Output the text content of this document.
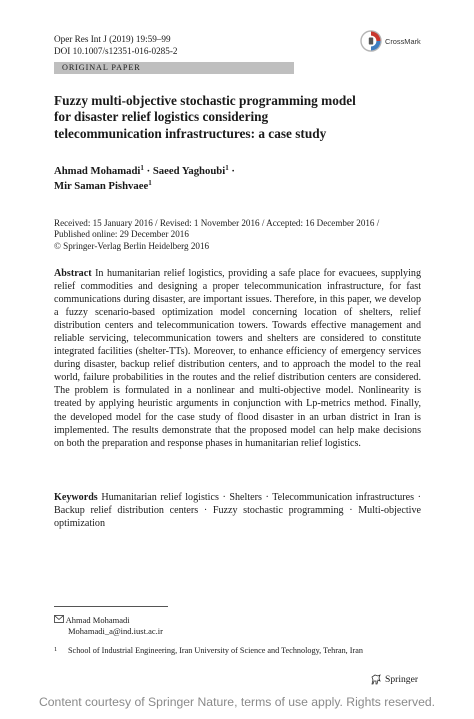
Oper Res Int J (2019) 19:59–99
DOI 10.1007/s12351-016-0285-2
CrossMark
ORIGINAL PAPER
Fuzzy multi-objective stochastic programming model
for disaster relief logistics considering
telecommunication infrastructures: a case study
Ahmad Mohamadi$^1$ · Saeed Yaghoubi$^1$ ·
Mir Saman Pishvaee$^1$
Received: 15 January 2016 / Revised: 1 November 2016 / Accepted: 16 December 2016 /
Published online: 29 December 2016
© Springer-Verlag Berlin Heidelberg 2016
Abstract In humanitarian relief logistics, providing a safe place for evacuees, supplying relief commodities and designing a proper telecommunication infrastructure, for fast communications during disaster, are important issues. Therefore, in this paper, we develop a fuzzy scenario-based optimization model concerning location of shelters, relief distribution centers and telecommunication towers. Towards effective management and reliable servicing, telecommunication towers and shelters are considered to constitute integrated facilities (shelter-TTs). Moreover, to enhance efficiency of emergency services during disaster, backup relief distribution centers, and to approach the model to the real world, failure probabilities in the routes and the relief distribution centers are considered. The problem is formulated in a nonlinear and multi-objective model. Nonlinearity is treated by applying heuristic arguments in conjunction with Lp-metrics method. Finally, the developed model for the case study of flood disaster in an urban district in Iran is implemented. The results demonstrate that the proposed model can help make decisions on both the preparation and response phases in humanitarian relief logistics.
Keywords Humanitarian relief logistics · Shelters · Telecommunication infrastructures · Backup relief distribution centers · Fuzzy stochastic programming · Multi-objective optimization
Ahmad Mohamadi
Mohamadi_a@ind.iust.ac.ir
1 School of Industrial Engineering, Iran University of Science and Technology, Tehran, Iran
Springer
Content courtesy of Springer Nature, terms of use apply. Rights reserved.
